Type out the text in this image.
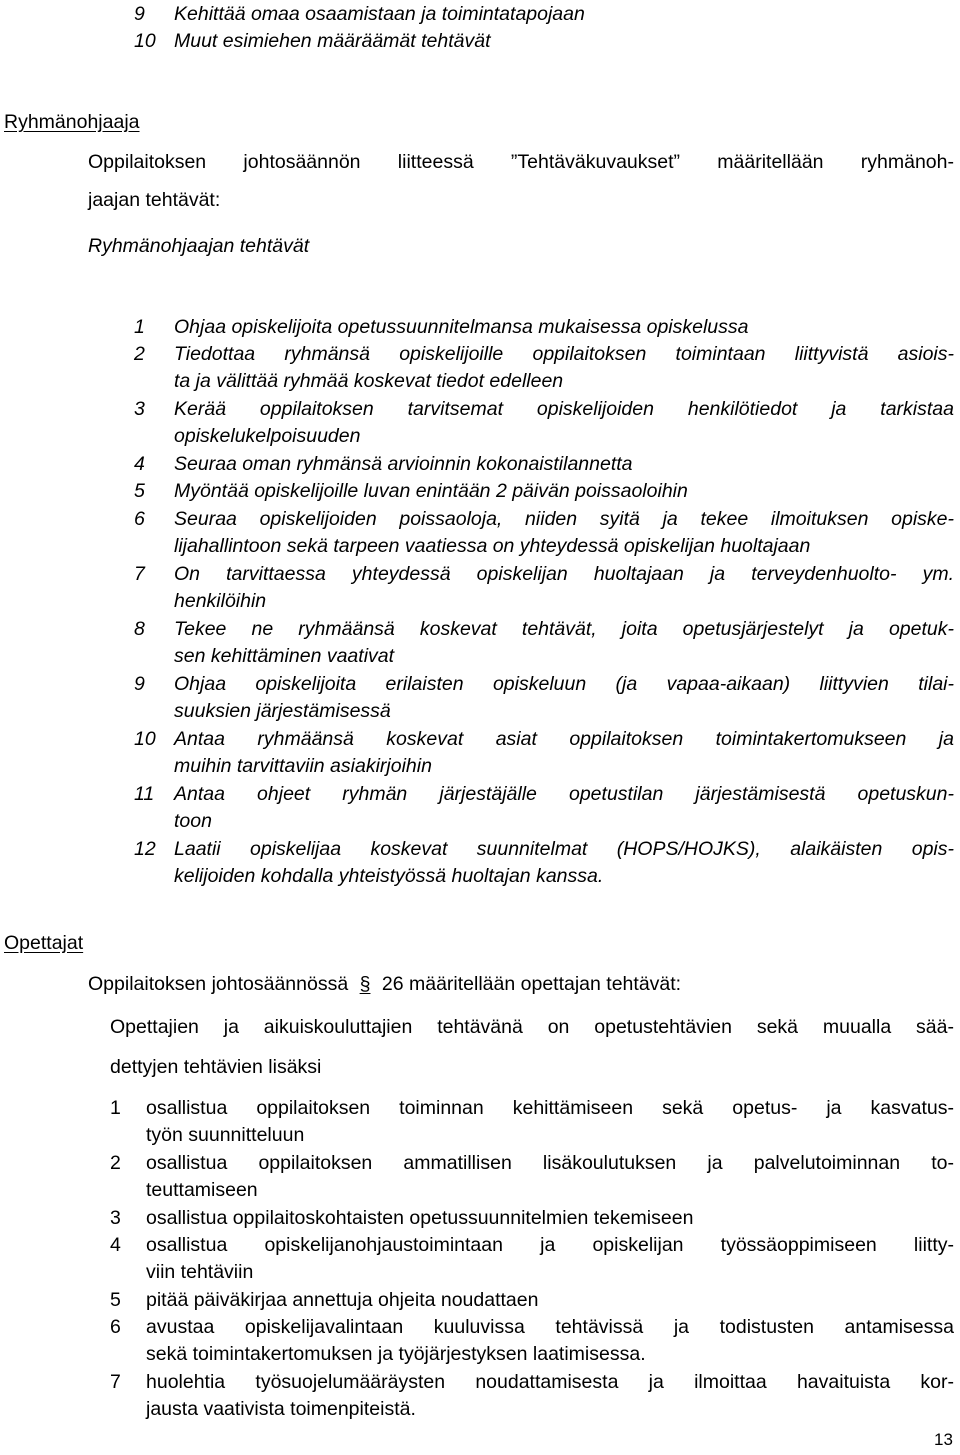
9 Kehittää omaa osaamistaan ja toimintatapojaan
10 Muut esimiehen määräämät tehtävät
Ryhmänohjaaja
Oppilaitoksen johtosäännön liitteessä ”Tehtäväkuvaukset” määritellään ryhmänoh-
jaajan tehtävät:
Ryhmänohjaajan tehtävät
1 Ohjaa opiskelijoita opetussuunnitelmansa mukaisessa opiskelussa
2 Tiedottaa ryhmänsä opiskelijoille oppilaitoksen toimintaan liittyvistä asiois-
ta ja välittää ryhmää koskevat tiedot edelleen
3 Kerää oppilaitoksen tarvitsemat opiskelijoiden henkilötiedot ja tarkistaa
opiskelukelpoisuuden
4 Seuraa oman ryhmänsä arvioinnin kokonaistilannetta
5 Myöntää opiskelijoille luvan enintään 2 päivän poissaoloihin
6 Seuraa opiskelijoiden poissaoloja, niiden syitä ja tekee ilmoituksen opiske-
lijahallintoon sekä tarpeen vaatiessa on yhteydessä opiskelijan huoltajaan
7 On tarvittaessa yhteydessä opiskelijan huoltajaan ja terveydenhuolto- ym.
henkilöihin
8 Tekee ne ryhmäänsä koskevat tehtävät, joita opetusjärjestelyt ja opetuk-
sen kehittäminen vaativat
9 Ohjaa opiskelijoita erilaisten opiskeluun (ja vapaa-aikaan) liittyvien tilai-
suuksien järjestämisessä
10 Antaa ryhmäänsä koskevat asiat oppilaitoksen toimintakertomukseen ja
muihin tarvittaviin asiakirjoihin
11 Antaa ohjeet ryhmän järjestäjälle opetustilan järjestämisestä opetuskun-
toon
12 Laatii opiskelijaa koskevat suunnitelmat (HOPS/HOJKS), alaikäisten opis-
kelijoiden kohdalla yhteistyössä huoltajan kanssa.
Opettajat
Oppilaitoksen johtosäännössä § 26 määritellään opettajan tehtävät:
Opettajien ja aikuiskouluttajien tehtävänä on opetustehtävien sekä muualla sää-
dettyjen tehtävien lisäksi
1 osallistua oppilaitoksen toiminnan kehittämiseen sekä opetus- ja kasvatus-
työn suunnitteluun
2 osallistua oppilaitoksen ammatillisen lisäkoulutuksen ja palvelutoiminnan to-
teuttamiseen
3 osallistua oppilaitoskohtaisten opetussuunnitelmien tekemiseen
4 osallistua opiskelijanohjaustoimintaan ja opiskelijan työssäoppimiseen liitty-
viin tehtäviin
5 pitää päiväkirjaa annettuja ohjeita noudattaen
6 avustaa opiskelijavalintaan kuuluvissa tehtävissä ja todistusten antamisessa
sekä toimintakertomuksen ja työjärjestyksen laatimisessa.
7 huolehtia työsuojelumääräysten noudattamisesta ja ilmoittaa havaituista kor-
jausta vaativista toimenpiteistä.
13
